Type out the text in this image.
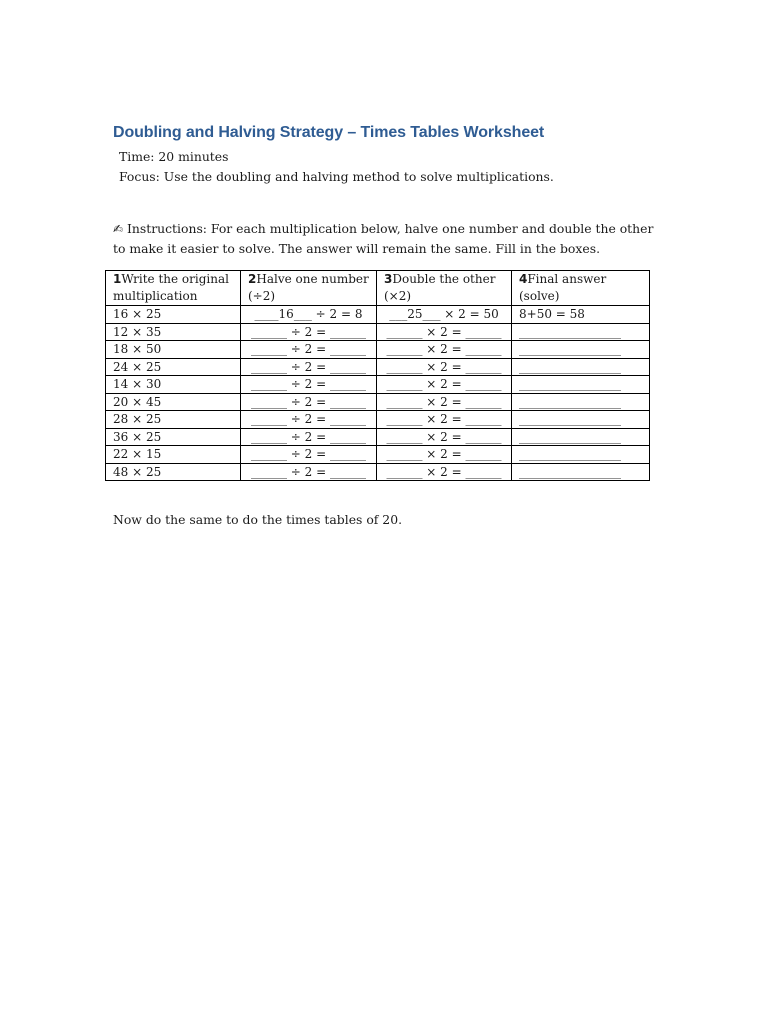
Doubling and Halving Strategy – Times Tables Worksheet
Time: 20 minutes
Focus: Use the doubling and halving method to solve multiplications.
✍ Instructions: For each multiplication below, halve one number and double the other to make it easier to solve. The answer will remain the same. Fill in the boxes.
1Write the original multiplication	2Halve one number (÷2)	3Double the other (×2)	4Final answer (solve)
16 × 25	____16___ ÷ 2 = 8	___25___ × 2 = 50	8+50 = 58
12 × 35	______ ÷ 2 = ______	______ × 2 = ______	_________________
18 × 50	______ ÷ 2 = ______	______ × 2 = ______	_________________
24 × 25	______ ÷ 2 = ______	______ × 2 = ______	_________________
14 × 30	______ ÷ 2 = ______	______ × 2 = ______	_________________
20 × 45	______ ÷ 2 = ______	______ × 2 = ______	_________________
28 × 25	______ ÷ 2 = ______	______ × 2 = ______	_________________
36 × 25	______ ÷ 2 = ______	______ × 2 = ______	_________________
22 × 15	______ ÷ 2 = ______	______ × 2 = ______	_________________
48 × 25	______ ÷ 2 = ______	______ × 2 = ______	_________________
Now do the same to do the times tables of 20.
